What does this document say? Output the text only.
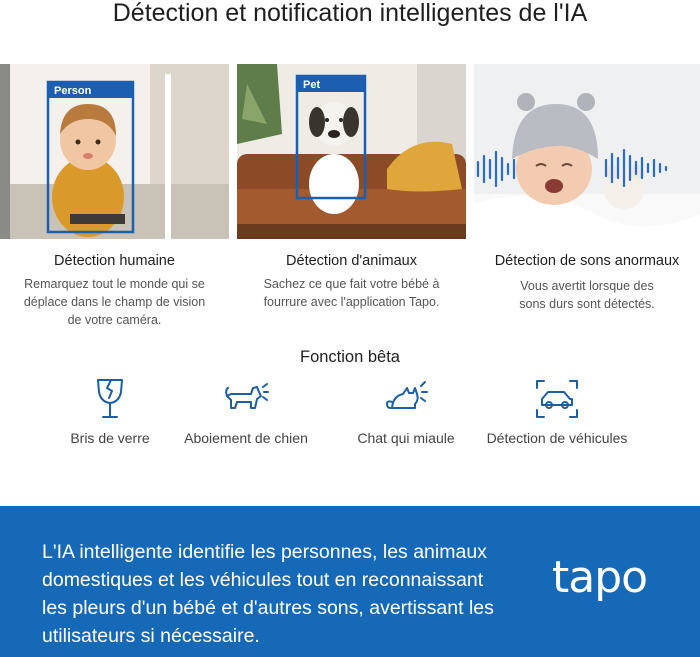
Détection et notification intelligentes de l'IA
Person	Pet
Détection humaine
Remarquez tout le monde qui se
déplace dans le champ de vision
de votre caméra.
Détection d'animaux
Sachez ce que fait votre bébé à
fourrure avec l'application Tapo.
Détection de sons anormaux
Vous avertit lorsque des
sons durs sont détectés.
Fonction bêta
Bris de verre	Aboiement de chien	Chat qui miaule	Détection de véhicules
L'IA intelligente identifie les personnes, les animaux
domestiques et les véhicules tout en reconnaissant
les pleurs d'un bébé et d'autres sons, avertissant les
utilisateurs si nécessaire.
tapo
